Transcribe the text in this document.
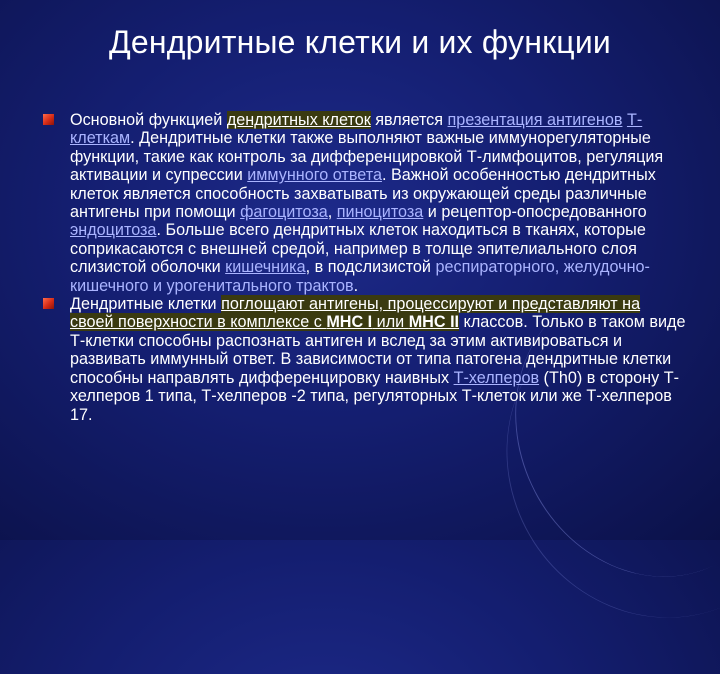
Дендритные клетки и их функции

Основной функцией дендритных клеток является презентация антигенов Т-клеткам. Дендритные клетки также выполняют важные иммунорегуляторные функции, такие как контроль за дифференцировкой Т-лимфоцитов, регуляция активации и супрессии иммунного ответа. Важной особенностью дендритных клеток является способность захватывать из окружающей среды различные антигены при помощи фагоцитоза, пиноцитоза и рецептор-опосредованного эндоцитоза. Больше всего дендритных клеток находиться в тканях, которые соприкасаются с внешней средой, например в толще эпителиального слоя слизистой оболочки кишечника, в подслизистой респираторного, желудочно-кишечного и урогенитального трактов.

Дендритные клетки поглощают антигены, процессируют и представляют на своей поверхности в комплексе с MHC I или MHC II классов. Только в таком виде Т-клетки способны распознать антиген и вслед за этим активироваться и развивать иммунный ответ. В зависимости от типа патогена дендритные клетки способны направлять дифференцировку наивных Т-хелперов (Th0) в сторону Т-хелперов 1 типа, Т-хелперов -2 типа, регуляторных Т-клеток или же Т-хелперов 17.
